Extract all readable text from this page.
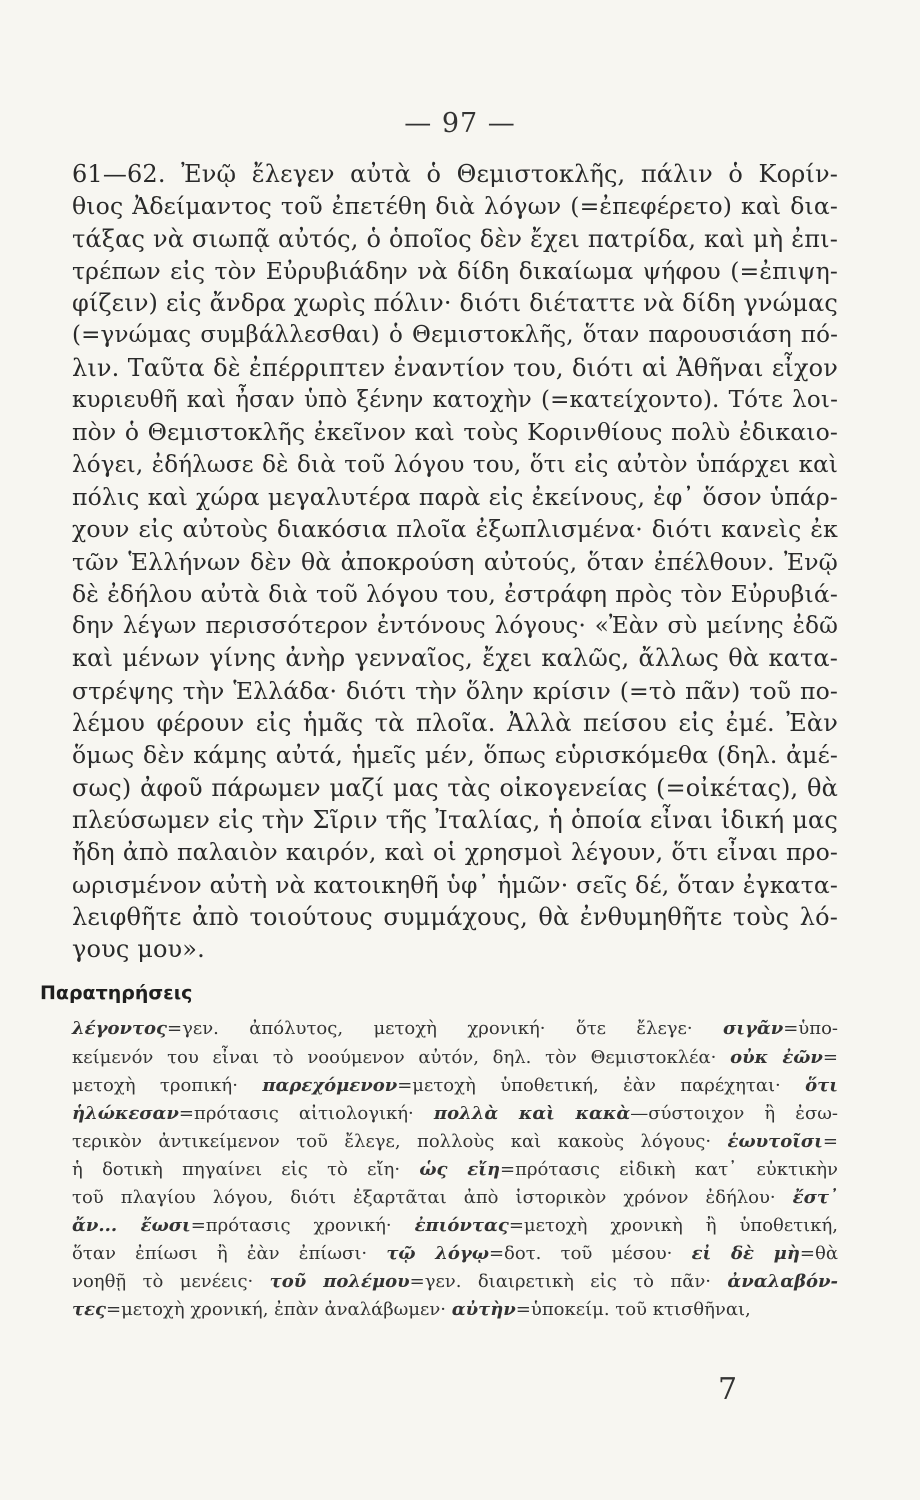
— 97 —
61—62. Ἐνῷ ἔλεγεν αὐτὰ ὁ Θεμιστοκλῆς, πάλιν ὁ Κορίν-
θιος Ἀδείμαντος τοῦ ἐπετέθη διὰ λόγων (=ἐπεφέρετο) καὶ δια-
τάξας νὰ σιωπᾷ αὐτός, ὁ ὁποῖος δὲν ἔχει πατρίδα, καὶ μὴ ἐπι-
τρέπων εἰς τὸν Εὐρυβιάδην νὰ δίδη δικαίωμα ψήφου (=ἐπιψη-
φίζειν) εἰς ἄνδρα χωρὶς πόλιν· διότι διέταττε νὰ δίδη γνώμας
(=γνώμας συμβάλλεσθαι) ὁ Θεμιστοκλῆς, ὅταν παρουσιάση πό-
λιν. Ταῦτα δὲ ἐπέρριπτεν ἐναντίον του, διότι αἱ Ἀθῆναι εἶχον
κυριευθῆ καὶ ἦσαν ὑπὸ ξένην κατοχὴν (=κατείχοντο). Τότε λοι-
πὸν ὁ Θεμιστοκλῆς ἐκεῖνον καὶ τοὺς Κορινθίους πολὺ ἐδικαιο-
λόγει, ἐδήλωσε δὲ διὰ τοῦ λόγου του, ὅτι εἰς αὐτὸν ὑπάρχει καὶ
πόλις καὶ χώρα μεγαλυτέρα παρὰ εἰς ἐκείνους, ἐφ᾽ ὅσον ὑπάρ-
χουν εἰς αὐτοὺς διακόσια πλοῖα ἐξωπλισμένα· διότι κανεὶς ἐκ
τῶν Ἑλλήνων δὲν θὰ ἀποκρούση αὐτούς, ὅταν ἐπέλθουν. Ἐνῷ
δὲ ἐδήλου αὐτὰ διὰ τοῦ λόγου του, ἐστράφη πρὸς τὸν Εὐρυβιά-
δην λέγων περισσότερον ἐντόνους λόγους· «Ἐὰν σὺ μείνης ἐδῶ
καὶ μένων γίνης ἀνὴρ γενναῖος, ἔχει καλῶς, ἄλλως θὰ κατα-
στρέψης τὴν Ἑλλάδα· διότι τὴν ὅλην κρίσιν (=τὸ πᾶν) τοῦ πο-
λέμου φέρουν εἰς ἡμᾶς τὰ πλοῖα. Ἀλλὰ πείσου εἰς ἐμέ. Ἐὰν
ὅμως δὲν κάμης αὐτά, ἡμεῖς μέν, ὅπως εὑρισκόμεθα (δηλ. ἀμέ-
σως) ἀφοῦ πάρωμεν μαζί μας τὰς οἰκογενείας (=οἰκέτας), θὰ
πλεύσωμεν εἰς τὴν Σῖριν τῆς Ἰταλίας, ἡ ὁποία εἶναι ἰδική μας
ἤδη ἀπὸ παλαιὸν καιρόν, καὶ οἱ χρησμοὶ λέγουν, ὅτι εἶναι προ-
ωρισμένον αὐτὴ νὰ κατοικηθῆ ὑφ᾽ ἡμῶν· σεῖς δέ, ὅταν ἐγκατα-
λειφθῆτε ἀπὸ τοιούτους συμμάχους, θὰ ἐνθυμηθῆτε τοὺς λό-
γους μου».
Παρατηρήσεις
λέγοντος=γεν. ἀπόλυτος, μετοχὴ χρονική· ὅτε ἔλεγε· σιγᾶν=ὑπο-
κείμενόν του εἶναι τὸ νοούμενον αὐτόν, δηλ. τὸν Θεμιστοκλέα· οὐκ ἐῶν=
μετοχὴ τροπική· παρεχόμενον=μετοχὴ ὑποθετική, ἐὰν παρέχηται· ὅτι
ἡλώκεσαν=πρότασις αἰτιολογική· πολλὰ καὶ κακὰ—σύστοιχον ἢ ἐσω-
τερικὸν ἀντικείμενον τοῦ ἔλεγε, πολλοὺς καὶ κακοὺς λόγους· ἑωυτοῖσι=
ἡ δοτικὴ πηγαίνει εἰς τὸ εἴη· ὡς εἴη=πρότασις εἰδικὴ κατ᾽ εὐκτικὴν
τοῦ πλαγίου λόγου, διότι ἐξαρτᾶται ἀπὸ ἱστορικὸν χρόνον ἐδήλου· ἔστ᾽
ἄν... ἔωσι=πρότασις χρονική· ἐπιόντας=μετοχὴ χρονικὴ ἢ ὑποθετική,
ὅταν ἐπίωσι ἢ ἐὰν ἐπίωσι· τῷ λόγῳ=δοτ. τοῦ μέσου· εἰ δὲ μὴ=θὰ
νοηθῇ τὸ μενέεις· τοῦ πολέμου=γεν. διαιρετικὴ εἰς τὸ πᾶν· ἀναλαβόν-
τες=μετοχὴ χρονική, ἐπὰν ἀναλάβωμεν· αὐτὴν=ὑποκείμ. τοῦ κτισθῆναι,
7
